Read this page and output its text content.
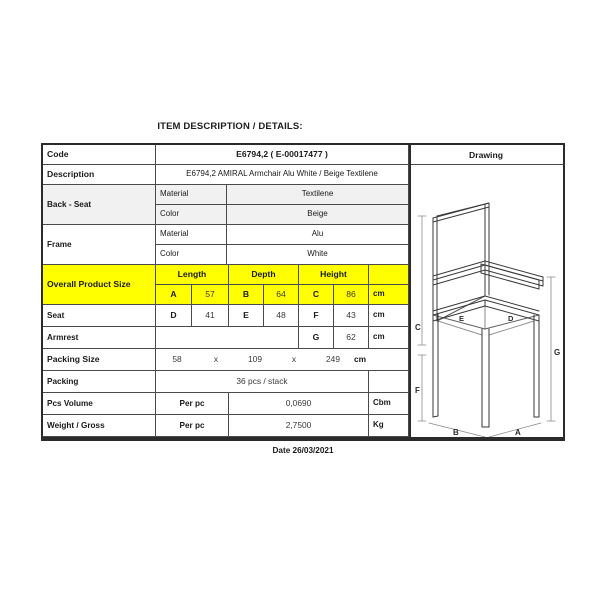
ITEM DESCRIPTION / DETAILS:
Code	E6794,2 ( E-00017477 )
Description	E6794,2 AMIRAL Armchair Alu White / Beige Textilene
Back - Seat
Material	Textilene
Color	Beige
Frame
Material	Alu
Color	White
Overall Product Size
Length	Depth	Height
A	57	B	64	C	86	cm
Seat	D	41	E	48	F	43	cm
Armrest	G	62	cm
Packing Size	58	x	109	x	249	cm
Packing	36 pcs / stack
Pcs Volume	Per pc	0,0690	Cbm
Weight / Gross	Per pc	2,7500	Kg
Drawing
C
F
G
E	D
B	A
Date 26/03/2021
